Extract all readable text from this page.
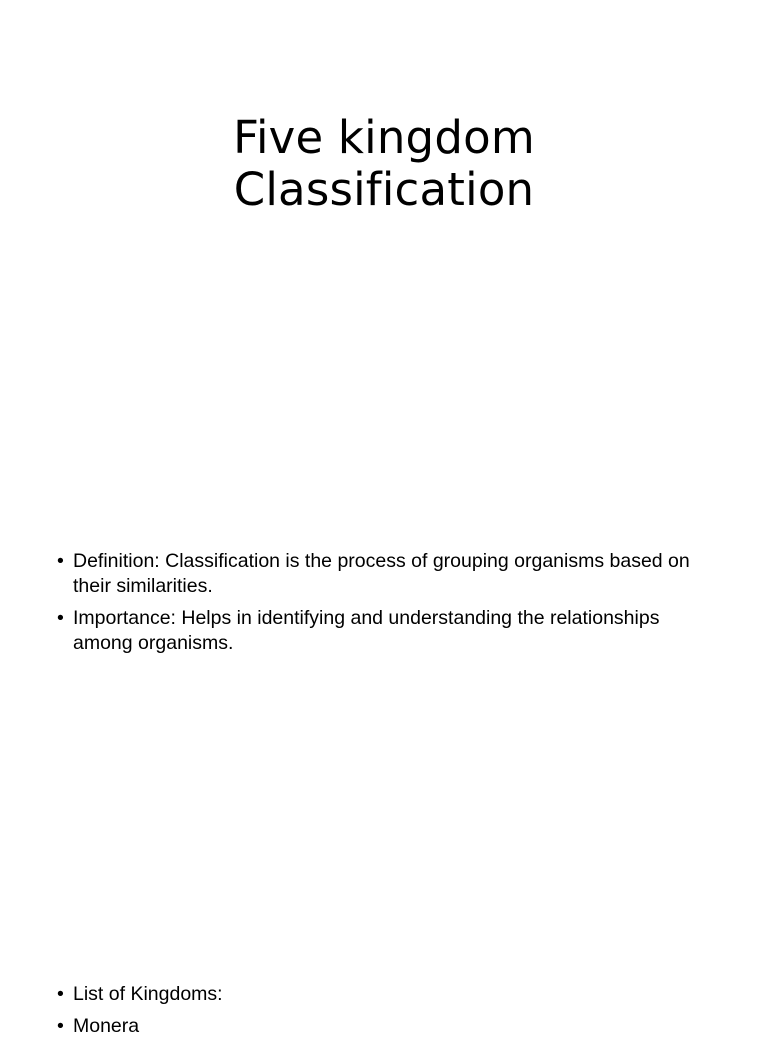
Five kingdom
Classification
• Definition: Classification is the process of grouping organisms based on their similarities.
• Importance: Helps in identifying and understanding the relationships among organisms.
• List of Kingdoms:
• Monera
